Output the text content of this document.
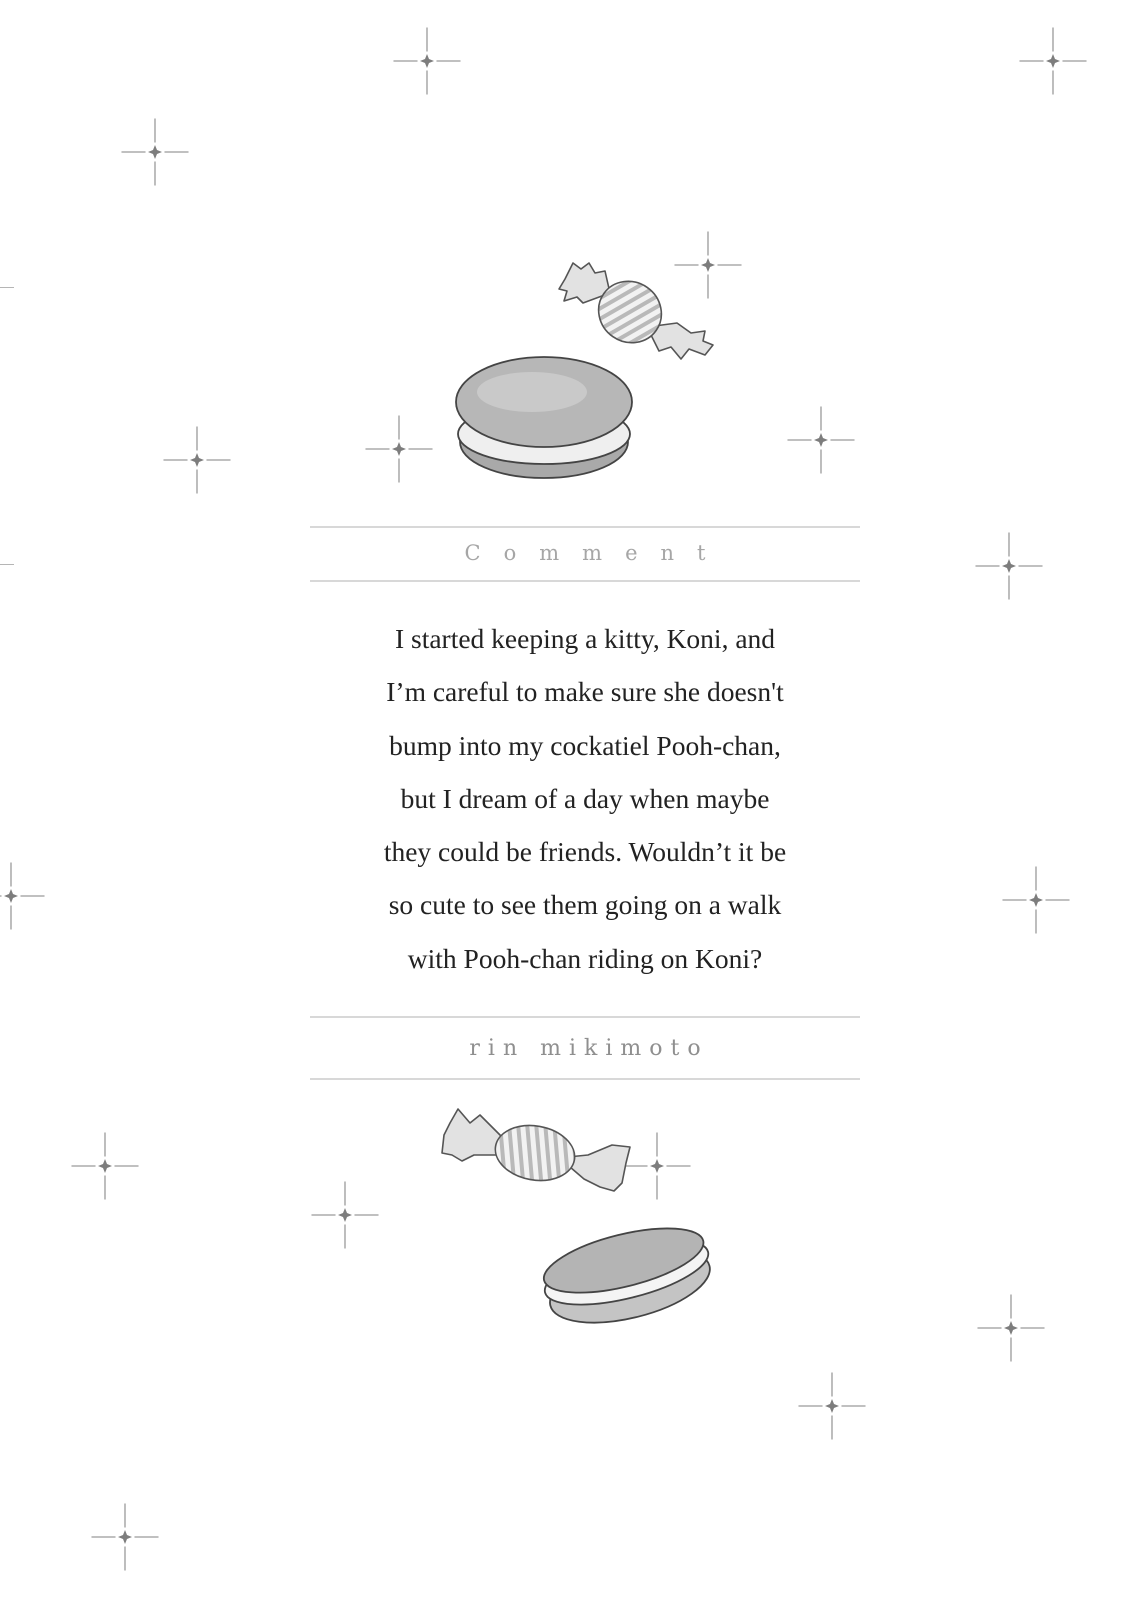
Comment

I started keeping a kitty, Koni, and
I’m careful to make sure she doesn't
bump into my cockatiel Pooh-chan,
but I dream of a day when maybe
they could be friends. Wouldn’t it be
so cute to see them going on a walk
with Pooh-chan riding on Koni?

rin mikimoto
